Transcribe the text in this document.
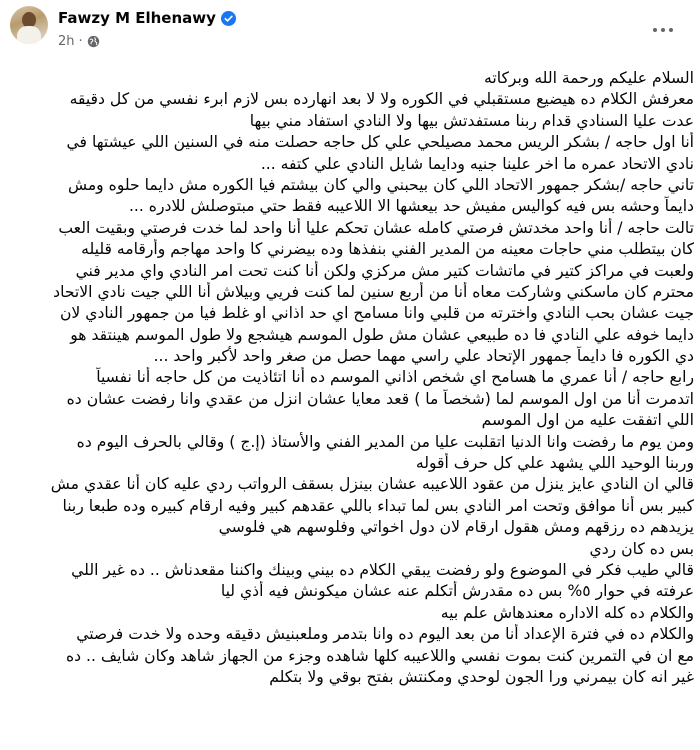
Fawzy M Elhenawy
2h ·
السلام عليكم ورحمة الله وبركاته
معرفش الكلام ده هيضيع مستقبلي في الكوره ولا لا بعد انهارده بس لازم ابرء نفسي من كل دقيقه
عدت عليا السنادي قدام ربنا مستفدتش بيها ولا النادي استفاد مني بيها
أنا اول حاجه / بشكر الريس محمد مصيلحي علي كل حاجه حصلت منه في السنين اللي عيشتها في
نادي الاتحاد عمره ما اخر علينا جنيه ودايما شايل النادي علي كتفه ...
تاني حاجه /بشكر جمهور الاتحاد اللي كان بيحبني والي كان بيشتم فيا الكوره مش دايما حلوه ومش
دايماً وحشه بس فيه كواليس مفيش حد بيعشها الا اللاعيبه فقط حتي مبتوصلش للادره ...
تالت حاجه / أنا واحد مخدتش فرصتي كامله عشان تحكم عليا أنا واحد لما خدت فرصتي وبقيت العب
كان بيتطلب مني حاجات معينه من المدير الفني بنفذها وده بيضرني كا واحد مهاجم وأرقامه قليله
ولعبت في مراكز كتير في ماتشات كتير مش مركزي ولكن أنا كنت تحت امر النادي واي مدير فني
محترم كان ماسكني وشاركت معاه أنا من أربع سنين لما كنت فريي وبيلاش أنا اللي جيت نادي الاتحاد
جيت عشان بحب النادي واخترته من قلبي وانا مسامح اي حد اذاني او غلط فيا من جمهور النادي لان
دايما خوفه علي النادي فا ده طبيعي عشان مش طول الموسم هيشجع ولا طول الموسم هينتقد هو
دي الكوره فا دايماً جمهور الإتحاد علي راسي مهما حصل من صغر واحد لأكبر واحد ...
رابع حاجه / أنا عمري ما هسامح اي شخص اذاني الموسم ده أنا اتئاذيت من كل حاجه أنا نفسياً
اتدمرت أنا من اول الموسم لما (شخصاً ما ) قعد معايا عشان انزل من عقدي وانا رفضت عشان ده
اللي اتفقت عليه من اول الموسم
ومن يوم ما رفضت وانا الدنيا اتقلبت عليا من المدير الفني والأستاذ (إ.ج ) وقالي بالحرف اليوم ده
وربنا الوحيد اللي يشهد علي كل حرف أقوله
قالي ان النادي عايز ينزل من عقود اللاعيبه عشان بينزل بسقف الرواتب ردي عليه كان أنا عقدي مش
كبير بس أنا موافق وتحت امر النادي بس لما تبداء باللي عقدهم كبير وفيه ارقام كبيره وده طبعا ربنا
يزيدهم ده رزقهم ومش هقول ارقام لان دول اخواتي وفلوسهم هي فلوسي
بس ده كان ردي
قالي طيب فكر في الموضوع ولو رفضت يبقي الكلام ده بيني وبينك واكننا مقعدناش .. ده غير اللي
عرفته في حوار ٥% بس ده مقدرش أتكلم عنه عشان ميكونش فيه أذي ليا
والكلام ده كله الاداره معندهاش علم بيه
والكلام ده في فترة الإعداد أنا من بعد اليوم ده وانا بتدمر وملعبنيش دقيقه وحده ولا خدت فرصتي
مع ان في التمرين كنت بموت نفسي واللاعيبه كلها شاهده وجزء من الجهاز شاهد وكان شايف .. ده
غير انه كان بيمرني ورا الجون لوحدي ومكنتش بفتح بوقي ولا بتكلم
